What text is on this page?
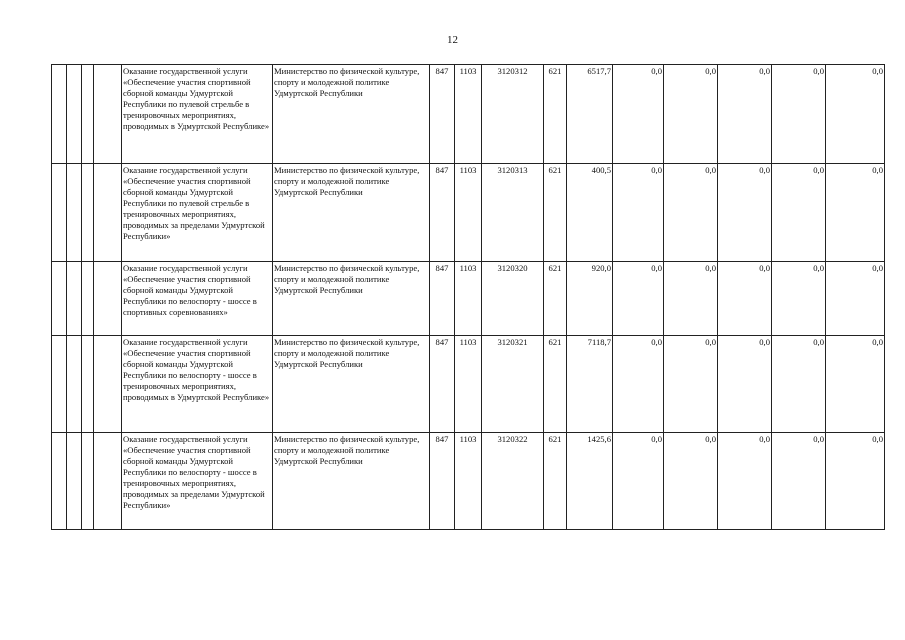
12
				Оказание государственной услуги «Обеспечение участия спортивной сборной команды Удмуртской Республики по пулевой стрельбе в тренировочных мероприятиях, проводимых в Удмуртской Республике»	Министерство по физической культуре, спорту и молодежной политике Удмуртской Республики	847	1103	3120312	621	6517,7	0,0	0,0	0,0	0,0	0,0
				Оказание государственной услуги «Обеспечение участия спортивной сборной команды Удмуртской Республики по пулевой стрельбе в тренировочных мероприятиях, проводимых за пределами Удмуртской Республики»	Министерство по физической культуре, спорту и молодежной политике Удмуртской Республики	847	1103	3120313	621	400,5	0,0	0,0	0,0	0,0	0,0
				Оказание государственной услуги «Обеспечение участия спортивной сборной команды Удмуртской Республики по велоспорту - шоссе в спортивных соревнованиях»	Министерство по физической культуре, спорту и молодежной политике Удмуртской Республики	847	1103	3120320	621	920,0	0,0	0,0	0,0	0,0	0,0
				Оказание государственной услуги «Обеспечение участия спортивной сборной команды Удмуртской Республики по велоспорту - шоссе в тренировочных мероприятиях, проводимых в Удмуртской Республике»	Министерство по физической культуре, спорту и молодежной политике Удмуртской Республики	847	1103	3120321	621	7118,7	0,0	0,0	0,0	0,0	0,0
				Оказание государственной услуги «Обеспечение участия спортивной сборной команды Удмуртской Республики по велоспорту - шоссе в тренировочных мероприятиях, проводимых за пределами Удмуртской Республики»	Министерство по физической культуре, спорту и молодежной политике Удмуртской Республики	847	1103	3120322	621	1425,6	0,0	0,0	0,0	0,0	0,0
